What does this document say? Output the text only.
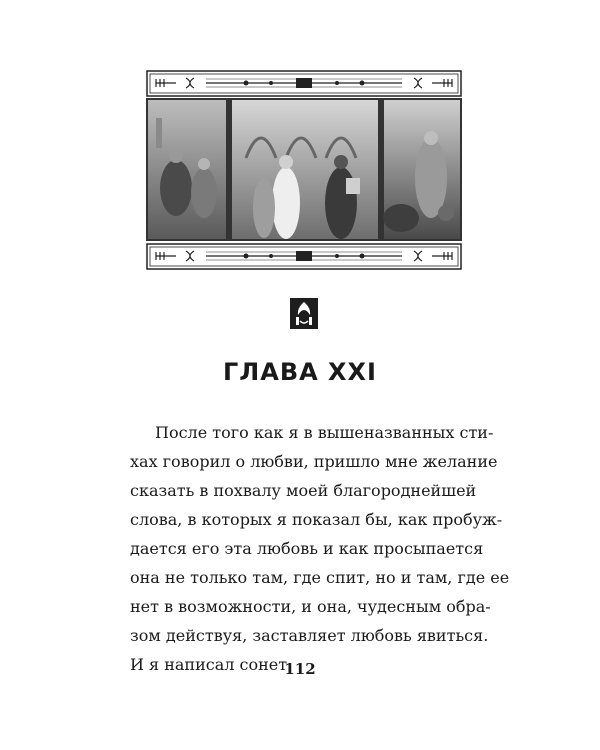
ГЛАВА XXI
После того как я в вышеназванных сти-
хах говорил о любви, пришло мне желание
сказать в похвалу моей благороднейшей
слова, в которых я показал бы, как пробуж-
дается его эта любовь и как просыпается
она не только там, где спит, но и там, где ее
нет в возможности, и она, чудесным обра-
зом действуя, заставляет любовь явиться.
И я написал сонет.
112
